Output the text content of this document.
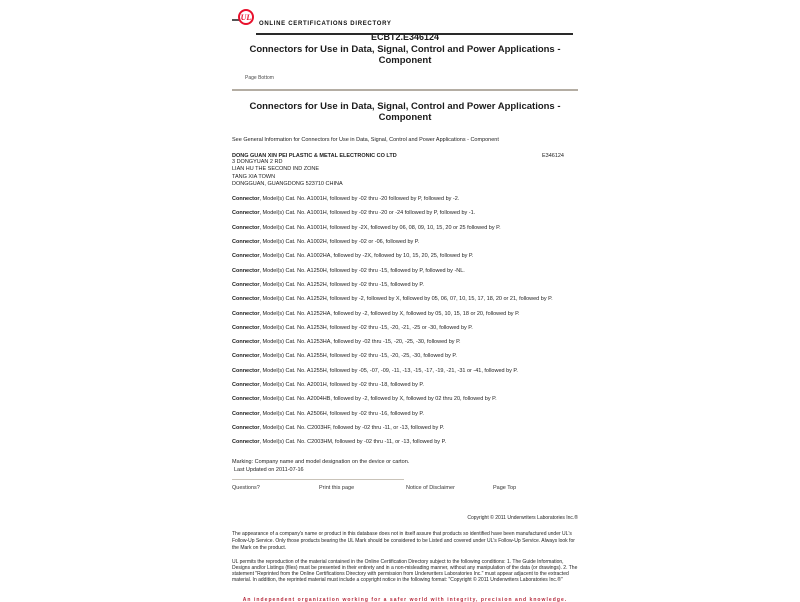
UL
ONLINE CERTIFICATIONS DIRECTORY
ECBT2.E346124
Connectors for Use in Data, Signal, Control and Power Applications - Component
Page Bottom
Connectors for Use in Data, Signal, Control and Power Applications - Component
See General Information for Connectors for Use in Data, Signal, Control and Power Applications - Component
DONG GUAN XIN PEI PLASTIC & METAL ELECTRONIC CO LTD	E346124
3 DONGYUAN 2 RD
LIAN HU THE SECOND IND ZONE
TANG XIA TOWN
DONGGUAN, GUANGDONG 523710 CHINA
Connector, Model(s) Cat. No. A1001H, followed by -02 thru -20 followed by P, followed by -2.
Connector, Model(s) Cat. No. A1001H, followed by -02 thru -20 or -24 followed by P, followed by -1.
Connector, Model(s) Cat. No. A1001H, followed by -2X, followed by 06, 08, 09, 10, 15, 20 or 25 followed by P.
Connector, Model(s) Cat. No. A1002H, followed by -02 or -06, followed by P.
Connector, Model(s) Cat. No. A1002HA, followed by -2X, followed by 10, 15, 20, 25, followed by P.
Connector, Model(s) Cat. No. A1250H, followed by -02 thru -15, followed by P, followed by -NL.
Connector, Model(s) Cat. No. A1252H, followed by -02 thru -15, followed by P.
Connector, Model(s) Cat. No. A1252H, followed by -2, followed by X, followed by 05, 06, 07, 10, 15, 17, 18, 20 or 21, followed by P.
Connector, Model(s) Cat. No. A1252HA, followed by -2, followed by X, followed by 05, 10, 15, 18 or 20, followed by P.
Connector, Model(s) Cat. No. A1253H, followed by -02 thru -15, -20, -21, -25 or -30, followed by P.
Connector, Model(s) Cat. No. A1253HA, followed by -02 thru -15, -20, -25, -30, followed by P.
Connector, Model(s) Cat. No. A1255H, followed by -02 thru -15, -20, -25, -30, followed by P.
Connector, Model(s) Cat. No. A1255H, followed by -05, -07, -09, -11, -13, -15, -17, -19, -21, -31 or -41, followed by P.
Connector, Model(s) Cat. No. A2001H, followed by -02 thru -18, followed by P.
Connector, Model(s) Cat. No. A2004HB, followed by -2, followed by X, followed by 02 thru 20, followed by P.
Connector, Model(s) Cat. No. A2506H, followed by -02 thru -16, followed by P.
Connector, Model(s) Cat. No. C2003HF, followed by -02 thru -11, or -13, followed by P.
Connector, Model(s) Cat. No. C2003HM, followed by -02 thru -11, or -13, followed by P.
Marking: Company name and model designation on the device or carton.
Last Updated on 2011-07-16
Questions?	Print this page	Notice of Disclaimer	Page Top
Copyright © 2011 Underwriters Laboratories Inc.®
The appearance of a company's name or product in this database does not in itself assure that products so identified have been manufactured under UL's Follow-Up Service. Only those products bearing the UL Mark should be considered to be Listed and covered under UL's Follow-Up Service. Always look for the Mark on the product.
UL permits the reproduction of the material contained in the Online Certification Directory subject to the following conditions: 1. The Guide Information, Designs and/or Listings (files) must be presented in their entirety and in a non-misleading manner, without any manipulation of the data (or drawings). 2. The statement "Reprinted from the Online Certifications Directory with permission from Underwriters Laboratories Inc." must appear adjacent to the extracted material. In addition, the reprinted material must include a copyright notice in the following format: "Copyright © 2011 Underwriters Laboratories Inc.®"
An independent organization working for a safer world with integrity, precision and knowledge.
